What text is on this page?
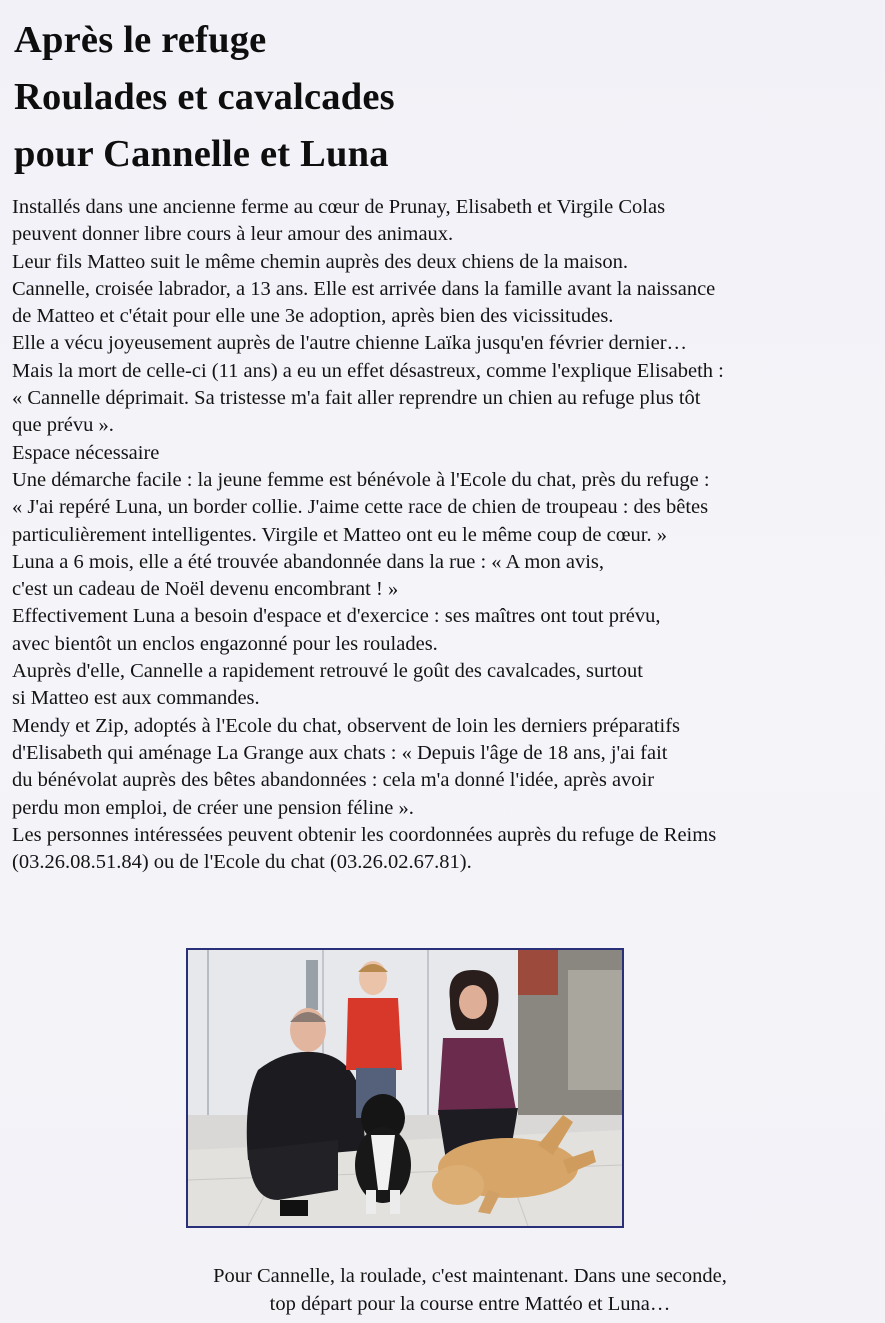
Après le refuge
Roulades et cavalcades
pour Cannelle et Luna
Installés dans une ancienne ferme au cœur de Prunay, Elisabeth et Virgile Colas
peuvent donner libre cours à leur amour des animaux.
Leur fils Matteo suit le même chemin auprès des deux chiens de la maison.
Cannelle, croisée labrador, a 13 ans. Elle est arrivée dans la famille avant la naissance
de Matteo et c'était pour elle une 3e adoption, après bien des vicissitudes.
Elle a vécu joyeusement auprès de l'autre chienne Laïka jusqu'en février dernier…
Mais la mort de celle-ci (11 ans) a eu un effet désastreux, comme l'explique Elisabeth :
« Cannelle déprimait. Sa tristesse m'a fait aller reprendre un chien au refuge plus tôt
que prévu ».
Espace nécessaire
Une démarche facile : la jeune femme est bénévole à l'Ecole du chat, près du refuge :
« J'ai repéré Luna, un border collie. J'aime cette race de chien de troupeau : des bêtes
particulièrement intelligentes. Virgile et Matteo ont eu le même coup de cœur. »
Luna a 6 mois, elle a été trouvée abandonnée dans la rue : « A mon avis,
c'est un cadeau de Noël devenu encombrant ! »
Effectivement Luna a besoin d'espace et d'exercice : ses maîtres ont tout prévu,
avec bientôt un enclos engazonné pour les roulades.
Auprès d'elle, Cannelle a rapidement retrouvé le goût des cavalcades, surtout
si Matteo est aux commandes.
Mendy et Zip, adoptés à l'Ecole du chat, observent de loin les derniers préparatifs
d'Elisabeth qui aménage La Grange aux chats : « Depuis l'âge de 18 ans, j'ai fait
du bénévolat auprès des bêtes abandonnées : cela m'a donné l'idée, après avoir
perdu mon emploi, de créer une pension féline ».
Les personnes intéressées peuvent obtenir les coordonnées auprès du refuge de Reims
(03.26.08.51.84) ou de l'Ecole du chat (03.26.02.67.81).
Pour Cannelle, la roulade, c'est maintenant. Dans une seconde,
top départ pour la course entre Mattéo et Luna…
